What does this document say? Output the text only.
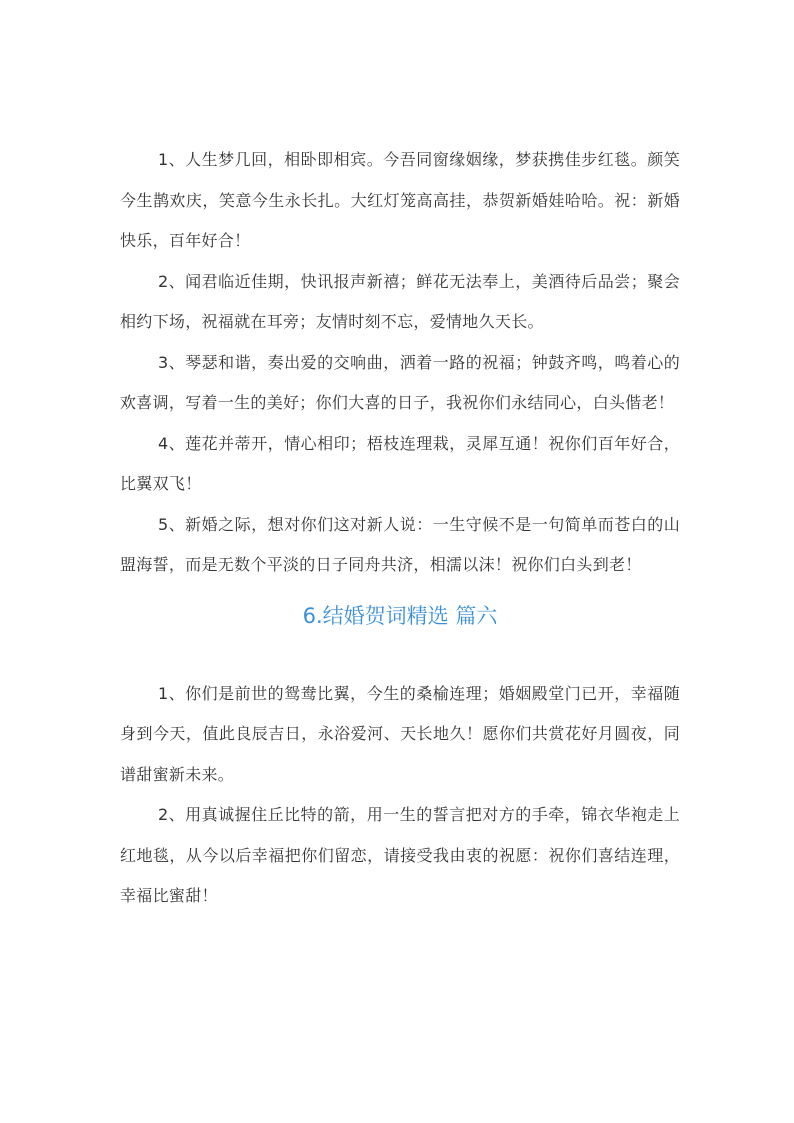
1、人生梦几回，相卧即相宾。今吾同窗缘姻缘，梦获携佳步红毯。颜笑今生鹊欢庆，笑意今生永长扎。大红灯笼高高挂，恭贺新婚娃哈哈。祝：新婚快乐，百年好合！

2、闻君临近佳期，快讯报声新禧；鲜花无法奉上，美酒待后品尝；聚会相约下场，祝福就在耳旁；友情时刻不忘，爱情地久天长。

3、琴瑟和谐，奏出爱的交响曲，洒着一路的祝福；钟鼓齐鸣，鸣着心的欢喜调，写着一生的美好；你们大喜的日子，我祝你们永结同心，白头偕老！

4、莲花并蒂开，情心相印；梧枝连理栽，灵犀互通！祝你们百年好合，比翼双飞！

5、新婚之际，想对你们这对新人说：一生守候不是一句简单而苍白的山盟海誓，而是无数个平淡的日子同舟共济，相濡以沫！祝你们白头到老！

6.结婚贺词精选 篇六

1、你们是前世的鸳鸯比翼，今生的桑榆连理；婚姻殿堂门已开，幸福随身到今天，值此良辰吉日，永浴爱河、天长地久！愿你们共赏花好月圆夜，同谱甜蜜新未来。

2、用真诚握住丘比特的箭，用一生的誓言把对方的手牵，锦衣华袍走上红地毯，从今以后幸福把你们留恋，请接受我由衷的祝愿：祝你们喜结连理，幸福比蜜甜！
